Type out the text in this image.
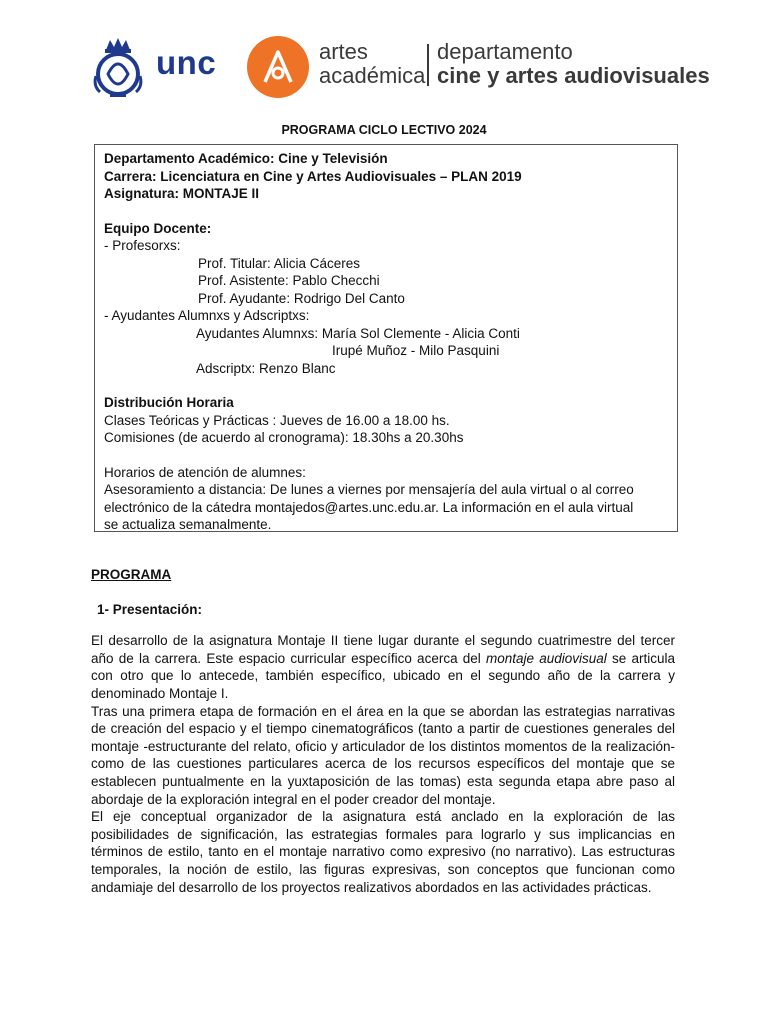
unc	artes
académica
departamento
cine y artes audiovisuales
PROGRAMA CICLO LECTIVO 2024
Departamento Académico: Cine y Televisión
Carrera: Licenciatura en Cine y Artes Audiovisuales – PLAN 2019
Asignatura: MONTAJE II
Equipo Docente:
- Profesorxs:
Prof. Titular: Alicia Cáceres
Prof. Asistente: Pablo Checchi
Prof. Ayudante: Rodrigo Del Canto
- Ayudantes Alumnxs y Adscriptxs:
Ayudantes Alumnxs: María Sol Clemente - Alicia Conti
Irupé Muñoz - Milo Pasquini
Adscriptx: Renzo Blanc
Distribución Horaria
Clases Teóricas y Prácticas : Jueves de 16.00 a 18.00 hs.
Comisiones (de acuerdo al cronograma): 18.30hs a 20.30hs
Horarios de atención de alumnes:
Asesoramiento a distancia: De lunes a viernes por mensajería del aula virtual o al correo
electrónico de la cátedra montajedos@artes.unc.edu.ar. La información en el aula virtual
se actualiza semanalmente.
PROGRAMA
1- Presentación:

El desarrollo de la asignatura Montaje II tiene lugar durante el segundo cuatrimestre del tercer año de la carrera. Este espacio curricular específico acerca del montaje audiovisual se articula con otro que lo antecede, también específico, ubicado en el segundo año de la carrera y denominado Montaje I.

Tras una primera etapa de formación en el área en la que se abordan las estrategias narrativas de creación del espacio y el tiempo cinematográficos (tanto a partir de cuestiones generales del montaje -estructurante del relato, oficio y articulador de los distintos momentos de la realización- como de las cuestiones particulares acerca de los recursos específicos del montaje que se establecen puntualmente en la yuxtaposición de las tomas) esta segunda etapa abre paso al abordaje de la exploración integral en el poder creador del montaje.

El eje conceptual organizador de la asignatura está anclado en la exploración de las posibilidades de significación, las estrategias formales para lograrlo y sus implicancias en términos de estilo, tanto en el montaje narrativo como expresivo (no narrativo). Las estructuras temporales, la noción de estilo, las figuras expresivas, son conceptos que funcionan como andamiaje del desarrollo de los proyectos realizativos abordados en las actividades prácticas.
